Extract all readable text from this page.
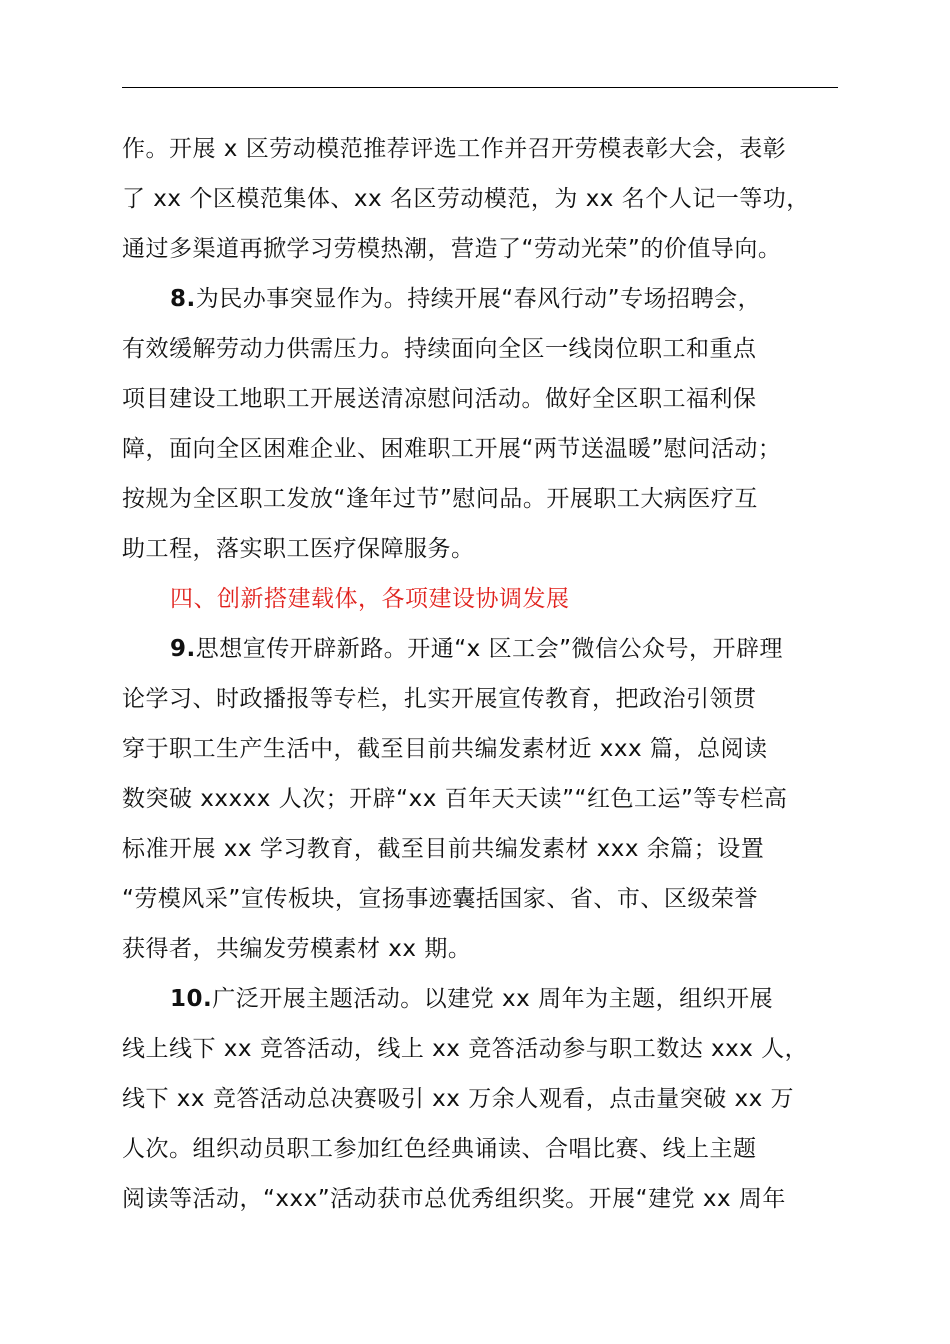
作。开展 x 区劳动模范推荐评选工作并召开劳模表彰大会，表彰
了 xx 个区模范集体、xx 名区劳动模范，为 xx 名个人记一等功，
通过多渠道再掀学习劳模热潮，营造了“劳动光荣”的价值导向。
8.为民办事突显作为。持续开展“春风行动”专场招聘会，
有效缓解劳动力供需压力。持续面向全区一线岗位职工和重点
项目建设工地职工开展送清凉慰问活动。做好全区职工福利保
障，面向全区困难企业、困难职工开展“两节送温暖”慰问活动；
按规为全区职工发放“逢年过节”慰问品。开展职工大病医疗互
助工程，落实职工医疗保障服务。
四、创新搭建载体，各项建设协调发展
9.思想宣传开辟新路。开通“x 区工会”微信公众号，开辟理
论学习、时政播报等专栏，扎实开展宣传教育，把政治引领贯
穿于职工生产生活中，截至目前共编发素材近 xxx 篇，总阅读
数突破 xxxxx 人次；开辟“xx 百年天天读”“红色工运”等专栏高
标准开展 xx 学习教育，截至目前共编发素材 xxx 余篇；设置
“劳模风采”宣传板块，宣扬事迹囊括国家、省、市、区级荣誉
获得者，共编发劳模素材 xx 期。
10.广泛开展主题活动。以建党 xx 周年为主题，组织开展
线上线下 xx 竞答活动，线上 xx 竞答活动参与职工数达 xxx 人，
线下 xx 竞答活动总决赛吸引 xx 万余人观看，点击量突破 xx 万
人次。组织动员职工参加红色经典诵读、合唱比赛、线上主题
阅读等活动，“xxx”活动获市总优秀组织奖。开展“建党 xx 周年
